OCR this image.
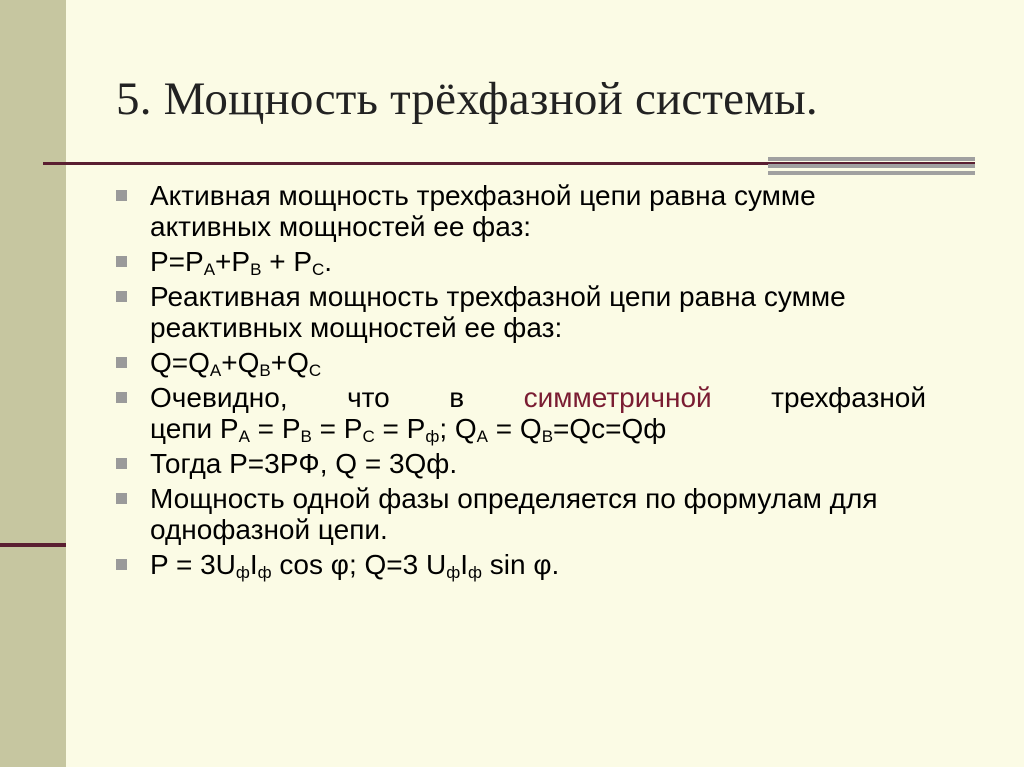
5. Мощность трёхфазной системы.
Активная мощность трехфазной цепи равна сумме активных мощностей ее фаз:
$P=P_A+P_B + P_C$.
Реактивная мощность трехфазной цепи равна сумме реактивных мощностей ее фаз:
$Q=Q_A+Q_B+Q_C$
Очевидно, что в симметричной трехфазной
цепи $P_A = P_B = P_C = P_ф$; $Q_A = Q_B=Qc=Qф$
Тогда P=3PФ, Q = 3Qф.
Мощность одной фазы определяется по формулам для однофазной цепи.
$P = 3U_фI_ф$ cos φ; Q=3 $U_фI_ф$ sin φ.
